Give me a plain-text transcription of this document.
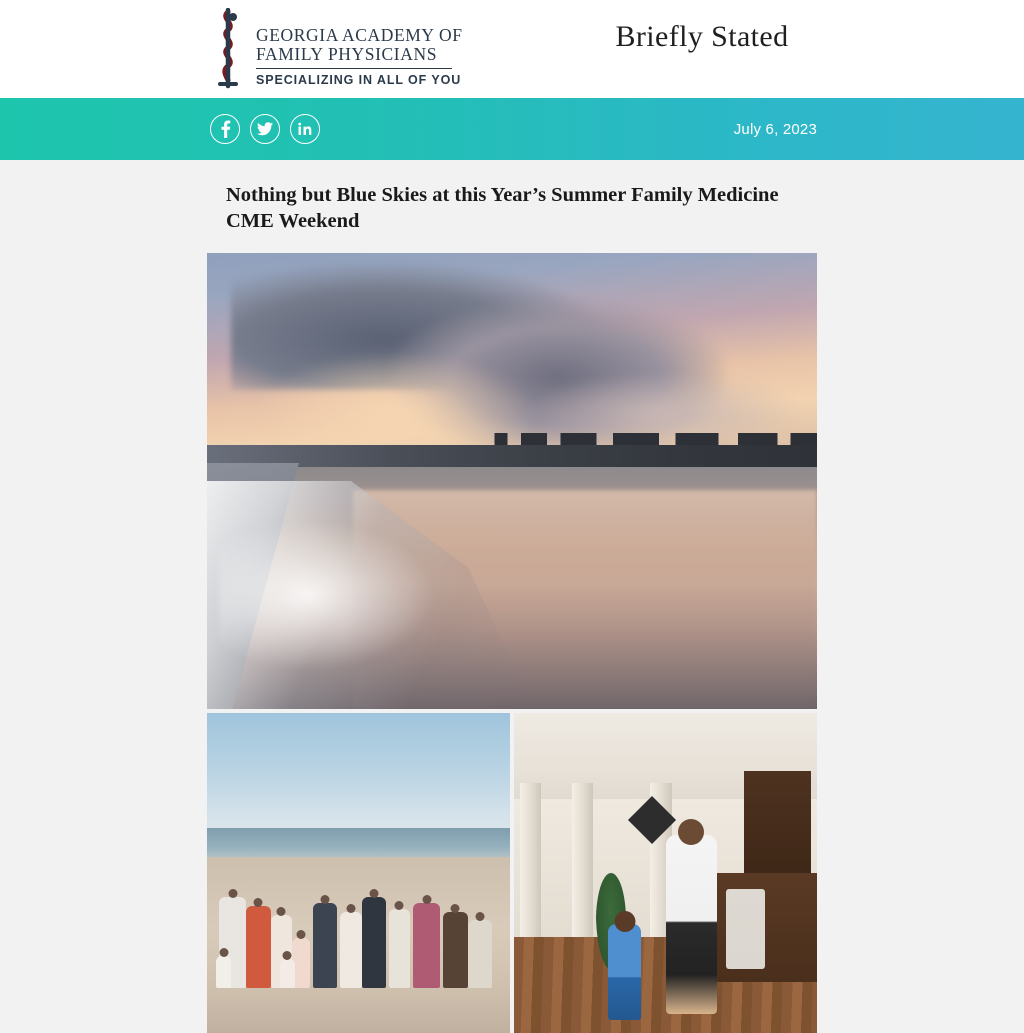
GEORGIA ACADEMY OF
FAMILY PHYSICIANS
SPECIALIZING IN ALL OF YOU
Briefly Stated
July 6, 2023
Nothing but Blue Skies at this Year’s Summer Family Medicine CME Weekend
